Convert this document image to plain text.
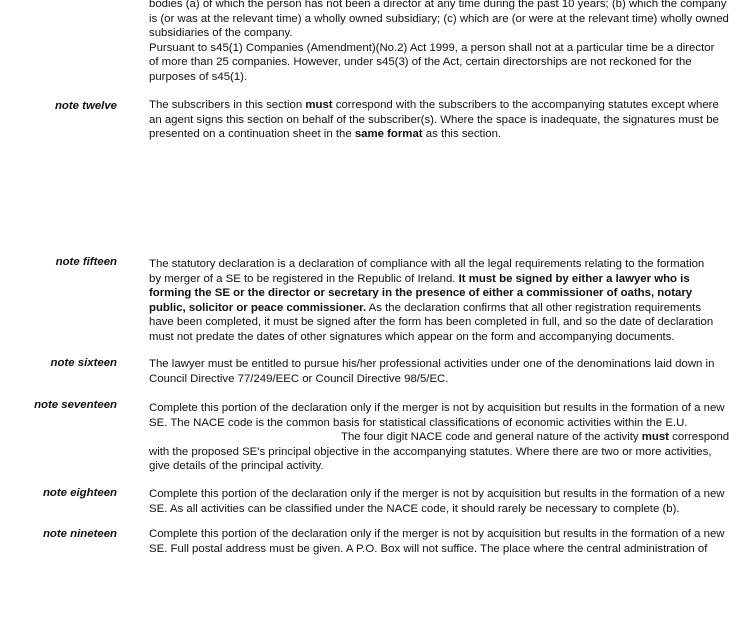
bodies (a) of which the person has not been a director at any time during the past 10 years; (b) which the company
is (or was at the relevant time) a wholly owned subsidiary; (c) which are (or were at the relevant time) wholly owned
subsidiaries of the company.
Pursuant to s45(1) Companies (Amendment)(No.2) Act 1999, a person shall not at a particular time be a director
of more than 25 companies. However, under s45(3) of the Act, certain directorships are not reckoned for the
purposes of s45(1).
note twelve	The subscribers in this section must correspond with the subscribers to the accompanying statutes except where
an agent signs this section on behalf of the subscriber(s). Where the space is inadequate, the signatures must be
presented on a continuation sheet in the same format as this section.
note fifteen	The statutory declaration is a declaration of compliance with all the legal requirements relating to the formation
by merger of a SE to be registered in the Republic of Ireland. It must be signed by either a lawyer who is
forming the SE or the director or secretary in the presence of either a commissioner of oaths, notary
public, solicitor or peace commissioner. As the declaration confirms that all other registration requirements
have been completed, it must be signed after the form has been completed in full, and so the date of declaration
must not predate the dates of other signatures which appear on the form and accompanying documents.
note sixteen	The lawyer must be entitled to pursue his/her professional activities under one of the denominations laid down in
Council Directive 77/249/EEC or Council Directive 98/5/EC.
note seventeen	Complete this portion of the declaration only if the merger is not by acquisition but results in the formation of a new
SE. The NACE code is the common basis for statistical classifications of economic activities within the E.U.
The four digit NACE code and general nature of the activity must correspond
with the proposed SE's principal objective in the accompanying statutes. Where there are two or more activities,
give details of the principal activity.
note eighteen	Complete this portion of the declaration only if the merger is not by acquisition but results in the formation of a new
SE. As all activities can be classified under the NACE code, it should rarely be necessary to complete (b).
note nineteen	Complete this portion of the declaration only if the merger is not by acquisition but results in the formation of a new
SE. Full postal address must be given. A P.O. Box will not suffice. The place where the central administration of
